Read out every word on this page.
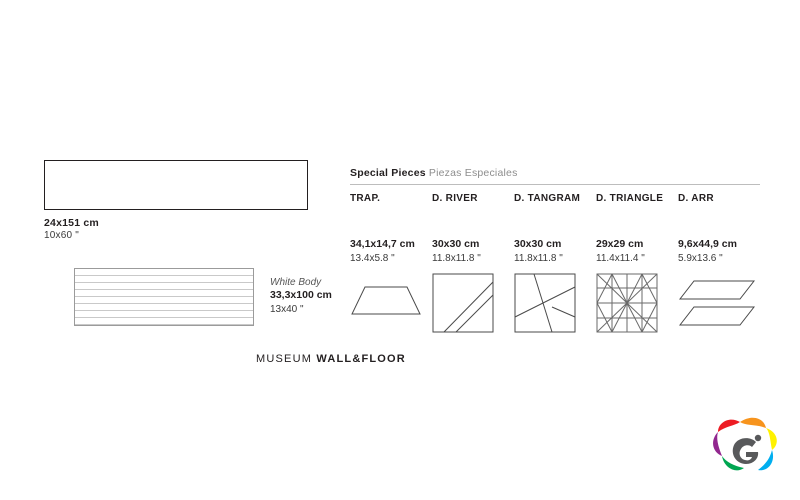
24x151 cm
10x60 "
White Body
33,3x100 cm
13x40 "
MUSEUM WALL&FLOOR
Special Pieces Piezas Especiales
TRAP.
34,1x14,7 cm
13.4x5.8 "
D. RIVER
30x30 cm
11.8x11.8 "
D. TANGRAM
30x30 cm
11.8x11.8 "
D. TRIANGLE
29x29 cm
11.4x11.4 "
D. ARR
9,6x44,9 cm
5.9x13.6 "
